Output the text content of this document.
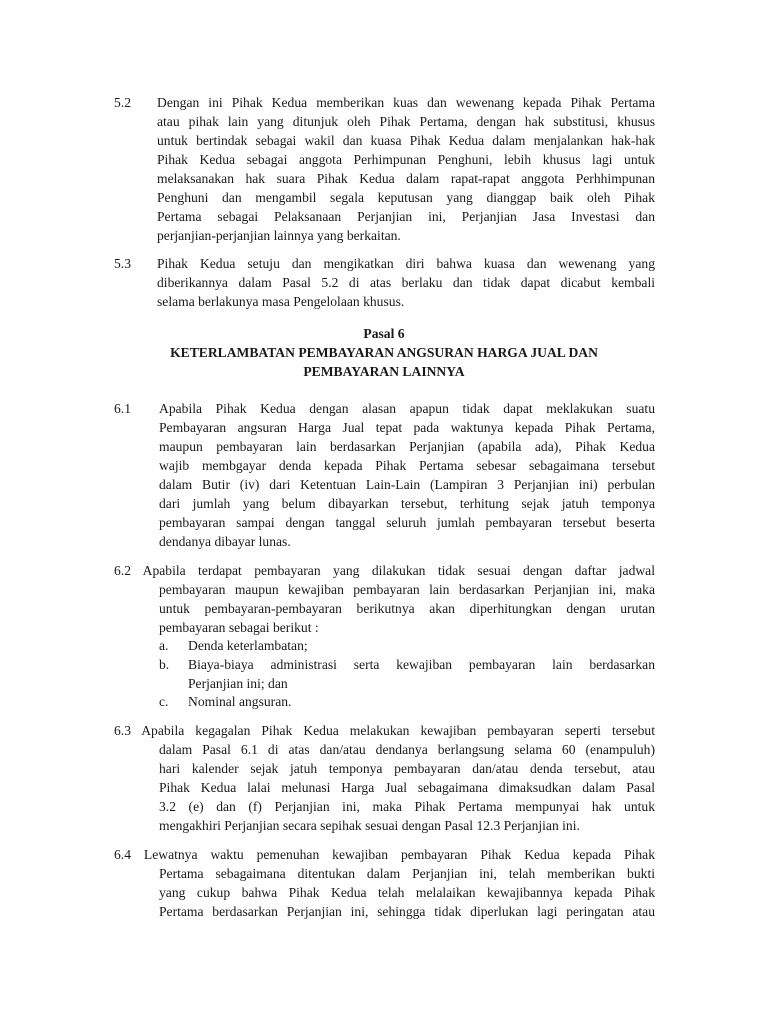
5.2 Dengan ini Pihak Kedua memberikan kuas dan wewenang kepada Pihak Pertama
atau pihak lain yang ditunjuk oleh Pihak Pertama, dengan hak substitusi, khusus
untuk bertindak sebagai wakil dan kuasa Pihak Kedua dalam menjalankan hak-hak
Pihak Kedua sebagai anggota Perhimpunan Penghuni, lebih khusus lagi untuk
melaksanakan hak suara Pihak Kedua dalam rapat-rapat anggota Perhhimpunan
Penghuni dan mengambil segala keputusan yang dianggap baik oleh Pihak
Pertama sebagai Pelaksanaan Perjanjian ini, Perjanjian Jasa Investasi dan
perjanjian-perjanjian lainnya yang berkaitan.
5.3 Pihak Kedua setuju dan mengikatkan diri bahwa kuasa dan wewenang yang
diberikannya dalam Pasal 5.2 di atas berlaku dan tidak dapat dicabut kembali
selama berlakunya masa Pengelolaan khusus.
Pasal 6
KETERLAMBATAN PEMBAYARAN ANGSURAN HARGA JUAL DAN
PEMBAYARAN LAINNYA
6.1 Apabila Pihak Kedua dengan alasan apapun tidak dapat meklakukan suatu
Pembayaran angsuran Harga Jual tepat pada waktunya kepada Pihak Pertama,
maupun pembayaran lain berdasarkan Perjanjian (apabila ada), Pihak Kedua
wajib membgayar denda kepada Pihak Pertama sebesar sebagaimana tersebut
dalam Butir (iv) dari Ketentuan Lain-Lain (Lampiran 3 Perjanjian ini) perbulan
dari jumlah yang belum dibayarkan tersebut, terhitung sejak jatuh temponya
pembayaran sampai dengan tanggal seluruh jumlah pembayaran tersebut beserta
dendanya dibayar lunas.
6.2 Apabila terdapat pembayaran yang dilakukan tidak sesuai dengan daftar jadwal
pembayaran maupun kewajiban pembayaran lain berdasarkan Perjanjian ini, maka
untuk pembayaran-pembayaran berikutnya akan diperhitungkan dengan urutan
pembayaran sebagai berikut :
a. Denda keterlambatan;
b. Biaya-biaya administrasi serta kewajiban pembayaran lain berdasarkan
Perjanjian ini; dan
c. Nominal angsuran.
6.3 Apabila kegagalan Pihak Kedua melakukan kewajiban pembayaran seperti tersebut
dalam Pasal 6.1 di atas dan/atau dendanya berlangsung selama 60 (enampuluh)
hari kalender sejak jatuh temponya pembayaran dan/atau denda tersebut, atau
Pihak Kedua lalai melunasi Harga Jual sebagaimana dimaksudkan dalam Pasal
3.2 (e) dan (f) Perjanjian ini, maka Pihak Pertama mempunyai hak untuk
mengakhiri Perjanjian secara sepihak sesuai dengan Pasal 12.3 Perjanjian ini.
6.4 Lewatnya waktu pemenuhan kewajiban pembayaran Pihak Kedua kepada Pihak
Pertama sebagaimana ditentukan dalam Perjanjian ini, telah memberikan bukti
yang cukup bahwa Pihak Kedua telah melalaikan kewajibannya kepada Pihak
Pertama berdasarkan Perjanjian ini, sehingga tidak diperlukan lagi peringatan atau
